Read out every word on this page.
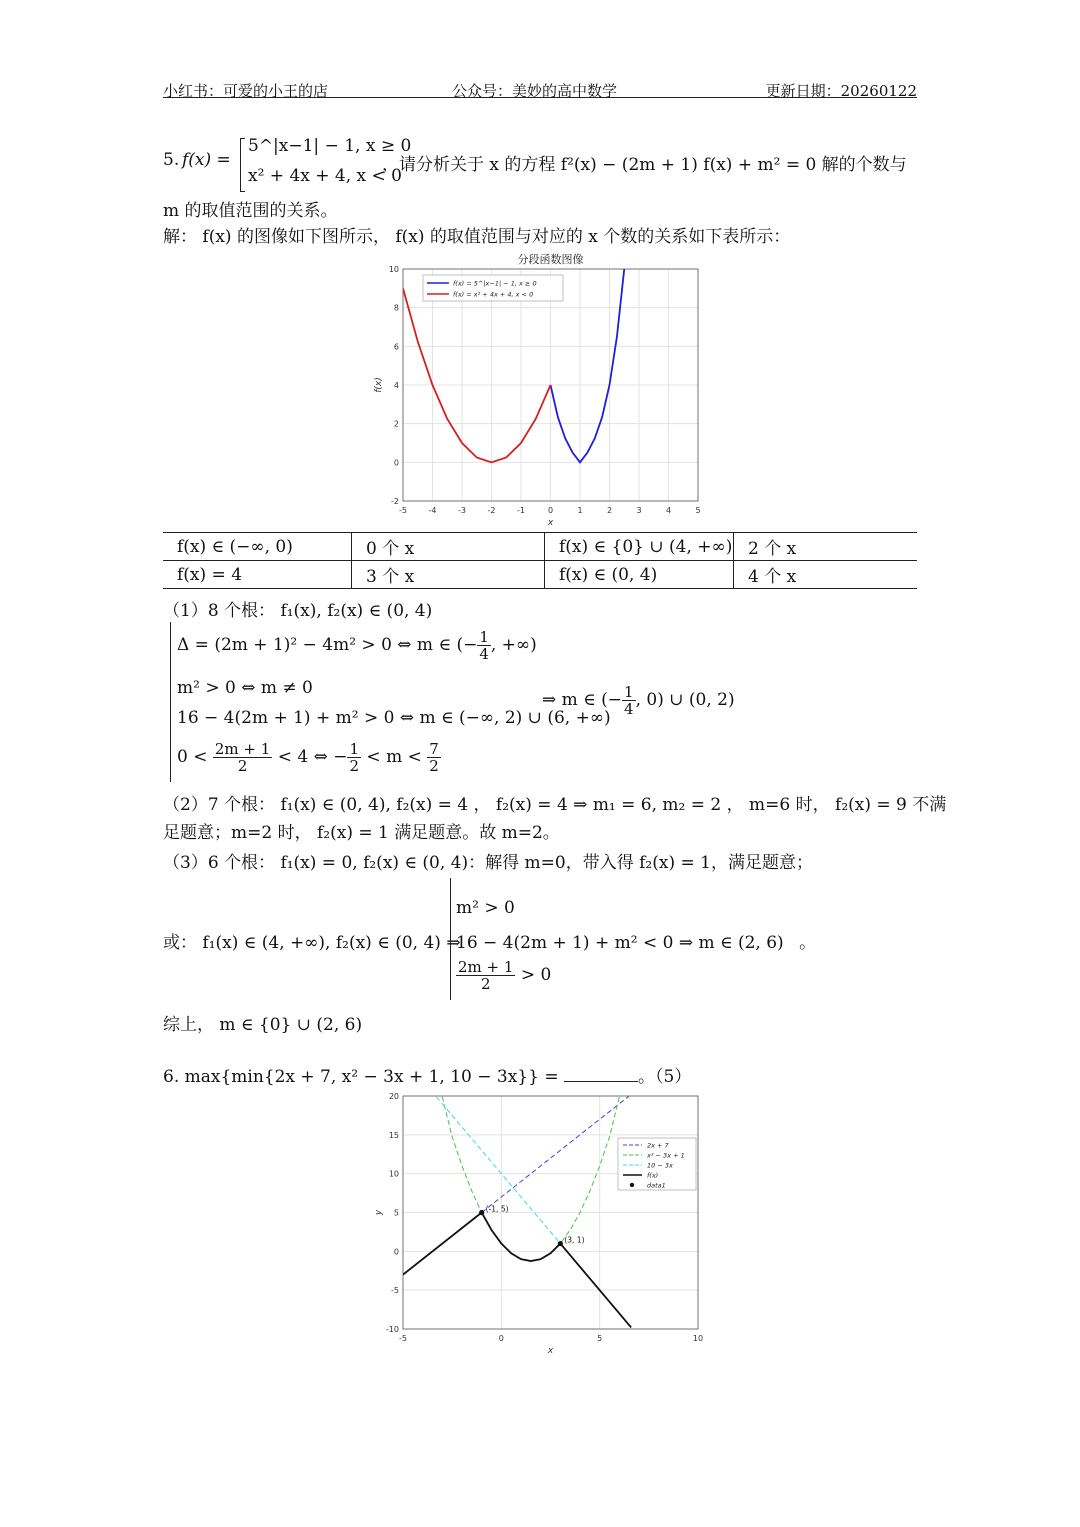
小红书：可爱的小王的店	公众号：美妙的高中数学	更新日期：20260122
5. f(x) =
5^|x−1| − 1, x ≥ 0
x² + 4x + 4, x < 0
，请分析关于 x 的方程 f²(x) − (2m + 1) f(x) + m² = 0 解的个数与
m 的取值范围的关系。
解： f(x) 的图像如下图所示， f(x) 的取值范围与对应的 x 个数的关系如下表所示：
-5	-4	-3	-2	-1	0	1	2	3	4	5
-2
0
2
4
6
8
10
分段函数图像
x
f(x)
f(x) = 5^|x−1| − 1, x ≥ 0
f(x) = x² + 4x + 4, x < 0
f(x) ∈ (−∞, 0)	0 个 x	f(x) ∈ {0} ∪ (4, +∞)	2 个 x
f(x) = 4	3 个 x	f(x) ∈ (0, 4)	4 个 x
（1）8 个根： f₁(x), f₂(x) ∈ (0, 4)
Δ = (2m + 1)² − 4m² > 0 ⇔ m ∈ (− $\frac{1}{4}$ , +∞)
m² > 0 ⇔ m ≠ 0
16 − 4(2m + 1) + m² > 0 ⇔ m ∈ (−∞, 2) ∪ (6, +∞)
$0 < \frac{2m + 1}{2} < 4$ ⇔ − $\frac{1}{2} < m < \frac{7}{2}$
⇒ m ∈ (− $\frac{1}{4}$ , 0) ∪ (0, 2)
（2）7 个根： f₁(x) ∈ (0, 4), f₂(x) = 4 ， f₂(x) = 4 ⇒ m₁ = 6, m₂ = 2 ， m=6 时， f₂(x) = 9 不满
足题意；m=2 时， f₂(x) = 1 满足题意。故 m=2。
（3）6 个根： f₁(x) = 0, f₂(x) ∈ (0, 4)：解得 m=0，带入得 f₂(x) = 1，满足题意；
或： f₁(x) ∈ (4, +∞), f₂(x) ∈ (0, 4) ⇒
m² > 0
16 − 4(2m + 1) + m² < 0 ⇒ m ∈ (2, 6) 。
$\frac{2m + 1}{2} > 0$
综上， m ∈ {0} ∪ (2, 6)
6. max{min{2x + 7, x² − 3x + 1, 10 − 3x}} =	。（5）
-5	0	5	10
-10
-5
0
5
10
15
20
(-1, 5)
(3, 1)
x
y
2x + 7
x² − 3x + 1
10 − 3x
f(x)
data1
